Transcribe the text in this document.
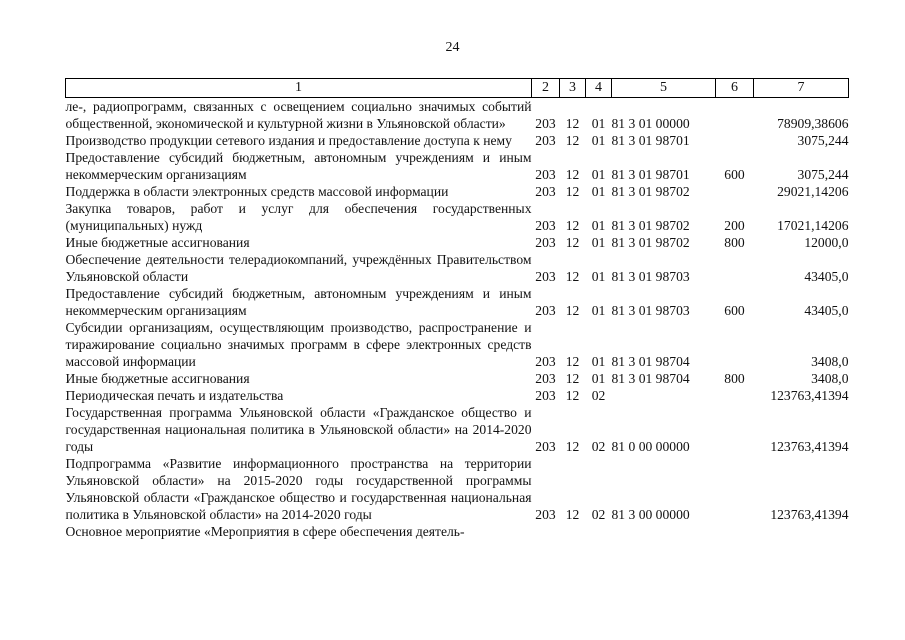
24
1	2	3	4	5	6	7
ле-, радиопрограмм, связанных с освещением социально значимых событий общественной, экономической и культурной жизни в Ульяновской области»	203	12	01	81 3 01 00000		78909,38606
Производство продукции сетевого издания и предоставление доступа к нему	203	12	01	81 3 01 98701		3075,244
Предоставление субсидий бюджетным, автономным учреждениям и иным некоммерческим организациям	203	12	01	81 3 01 98701	600	3075,244
Поддержка в области электронных средств массовой информации	203	12	01	81 3 01 98702		29021,14206
Закупка товаров, работ и услуг для обеспечения государственных (муниципальных) нужд	203	12	01	81 3 01 98702	200	17021,14206
Иные бюджетные ассигнования	203	12	01	81 3 01 98702	800	12000,0
Обеспечение деятельности телерадиокомпаний, учреждённых Правительством Ульяновской области	203	12	01	81 3 01 98703		43405,0
Предоставление субсидий бюджетным, автономным учреждениям и иным некоммерческим организациям	203	12	01	81 3 01 98703	600	43405,0
Субсидии организациям, осуществляющим производство, распространение и тиражирование социально значимых программ в сфере электронных средств массовой информации	203	12	01	81 3 01 98704		3408,0
Иные бюджетные ассигнования	203	12	01	81 3 01 98704	800	3408,0
Периодическая печать и издательства	203	12	02			123763,41394
Государственная программа Ульяновской области «Гражданское общество и государственная национальная политика в Ульяновской области» на 2014-2020 годы	203	12	02	81 0 00 00000		123763,41394
Подпрограмма «Развитие информационного пространства на территории Ульяновской области» на 2015-2020 годы государственной программы Ульяновской области «Гражданское общество и государственная национальная политика в Ульяновской области» на 2014-2020 годы	203	12	02	81 3 00 00000		123763,41394
Основное мероприятие «Мероприятия в сфере обеспечения деятель-						
